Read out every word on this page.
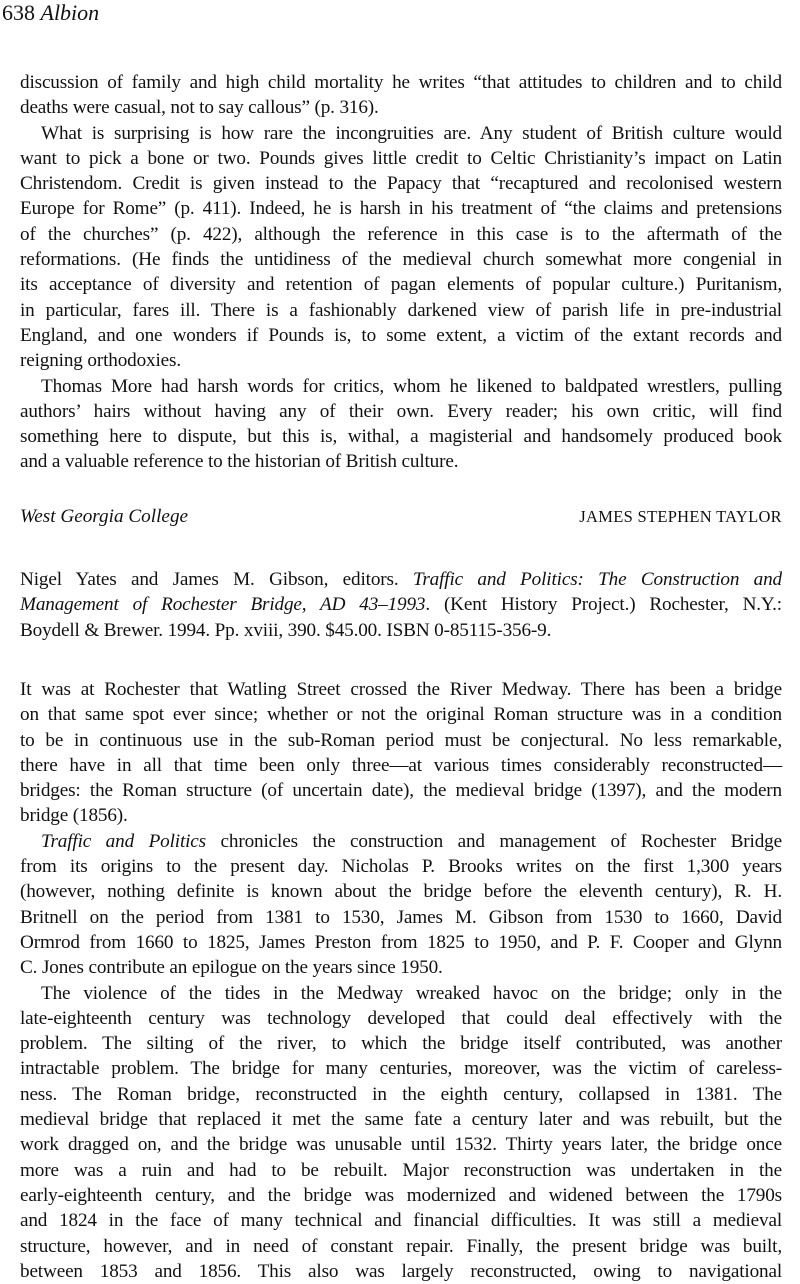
638 Albion
discussion of family and high child mortality he writes “that attitudes to children and to child
deaths were casual, not to say callous” (p. 316).
What is surprising is how rare the incongruities are. Any student of British culture would
want to pick a bone or two. Pounds gives little credit to Celtic Christianity’s impact on Latin
Christendom. Credit is given instead to the Papacy that “recaptured and recolonised western
Europe for Rome” (p. 411). Indeed, he is harsh in his treatment of “the claims and pretensions
of the churches” (p. 422), although the reference in this case is to the aftermath of the
reformations. (He finds the untidiness of the medieval church somewhat more congenial in
its acceptance of diversity and retention of pagan elements of popular culture.) Puritanism,
in particular, fares ill. There is a fashionably darkened view of parish life in pre-industrial
England, and one wonders if Pounds is, to some extent, a victim of the extant records and
reigning orthodoxies.
Thomas More had harsh words for critics, whom he likened to baldpated wrestlers, pulling
authors’ hairs without having any of their own. Every reader; his own critic, will find
something here to dispute, but this is, withal, a magisterial and handsomely produced book
and a valuable reference to the historian of British culture.
West Georgia College	JAMES STEPHEN TAYLOR
Nigel Yates and James M. Gibson, editors. Traffic and Politics: The Construction and
Management of Rochester Bridge, AD 43–1993. (Kent History Project.) Rochester, N.Y.:
Boydell & Brewer. 1994. Pp. xviii, 390. $45.00. ISBN 0-85115-356-9.
It was at Rochester that Watling Street crossed the River Medway. There has been a bridge
on that same spot ever since; whether or not the original Roman structure was in a condition
to be in continuous use in the sub-Roman period must be conjectural. No less remarkable,
there have in all that time been only three—at various times considerably reconstructed—
bridges: the Roman structure (of uncertain date), the medieval bridge (1397), and the modern
bridge (1856).
Traffic and Politics chronicles the construction and management of Rochester Bridge
from its origins to the present day. Nicholas P. Brooks writes on the first 1,300 years
(however, nothing definite is known about the bridge before the eleventh century), R. H.
Britnell on the period from 1381 to 1530, James M. Gibson from 1530 to 1660, David
Ormrod from 1660 to 1825, James Preston from 1825 to 1950, and P. F. Cooper and Glynn
C. Jones contribute an epilogue on the years since 1950.
The violence of the tides in the Medway wreaked havoc on the bridge; only in the
late-eighteenth century was technology developed that could deal effectively with the
problem. The silting of the river, to which the bridge itself contributed, was another
intractable problem. The bridge for many centuries, moreover, was the victim of careless-
ness. The Roman bridge, reconstructed in the eighth century, collapsed in 1381. The
medieval bridge that replaced it met the same fate a century later and was rebuilt, but the
work dragged on, and the bridge was unusable until 1532. Thirty years later, the bridge once
more was a ruin and had to be rebuilt. Major reconstruction was undertaken in the
early-eighteenth century, and the bridge was modernized and widened between the 1790s
and 1824 in the face of many technical and financial difficulties. It was still a medieval
structure, however, and in need of constant repair. Finally, the present bridge was built,
between 1853 and 1856. This also was largely reconstructed, owing to navigational
